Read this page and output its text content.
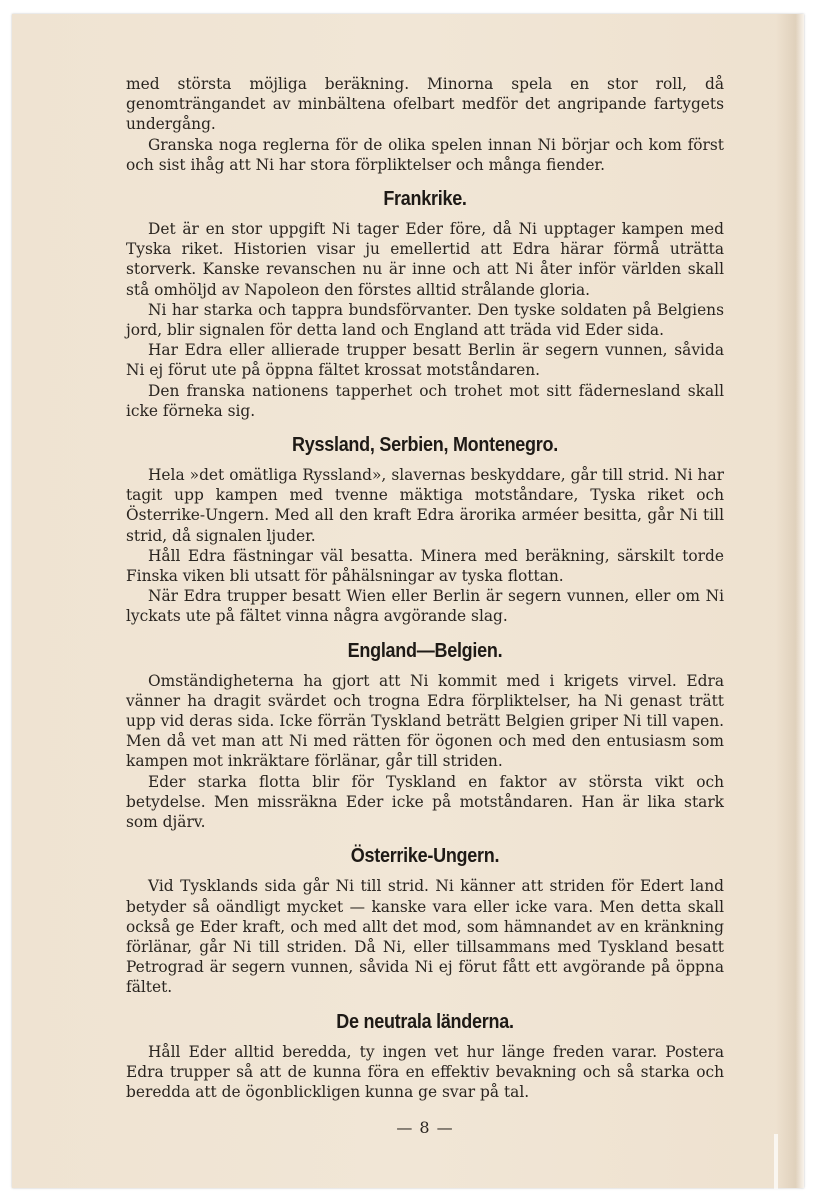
med största möjliga beräkning. Minorna spela en stor roll, då genomträngandet av minbältena ofelbart medför det angripande fartygets undergång.

Granska noga reglerna för de olika spelen innan Ni börjar och kom först och sist ihåg att Ni har stora förpliktelser och många fiender.

Frankrike.

Det är en stor uppgift Ni tager Eder före, då Ni upptager kampen med Tyska riket. Historien visar ju emellertid att Edra härar förmå uträtta storverk. Kanske revanschen nu är inne och att Ni åter inför världen skall stå omhöljd av Napoleon den förstes alltid strålande gloria.

Ni har starka och tappra bundsförvanter. Den tyske soldaten på Belgiens jord, blir signalen för detta land och England att träda vid Eder sida.

Har Edra eller allierade trupper besatt Berlin är segern vunnen, såvida Ni ej förut ute på öppna fältet krossat motståndaren.

Den franska nationens tapperhet och trohet mot sitt fädernesland skall icke förneka sig.

Ryssland, Serbien, Montenegro.

Hela »det omätliga Ryssland», slavernas beskyddare, går till strid. Ni har tagit upp kampen med tvenne mäktiga motståndare, Tyska riket och Österrike-Ungern. Med all den kraft Edra ärorika arméer besitta, går Ni till strid, då signalen ljuder.

Håll Edra fästningar väl besatta. Minera med beräkning, särskilt torde Finska viken bli utsatt för påhälsningar av tyska flottan.

När Edra trupper besatt Wien eller Berlin är segern vunnen, eller om Ni lyckats ute på fältet vinna några avgörande slag.

England—Belgien.

Omständigheterna ha gjort att Ni kommit med i krigets virvel. Edra vänner ha dragit svärdet och trogna Edra förpliktelser, ha Ni genast trätt upp vid deras sida. Icke förrän Tyskland beträtt Belgien griper Ni till vapen. Men då vet man att Ni med rätten för ögonen och med den entusiasm som kampen mot inkräktare förlänar, går till striden.

Eder starka flotta blir för Tyskland en faktor av största vikt och betydelse. Men missräkna Eder icke på motståndaren. Han är lika stark som djärv.

Österrike-Ungern.

Vid Tysklands sida går Ni till strid. Ni känner att striden för Edert land betyder så oändligt mycket — kanske vara eller icke vara. Men detta skall också ge Eder kraft, och med allt det mod, som hämnandet av en kränkning förlänar, går Ni till striden. Då Ni, eller tillsammans med Tyskland besatt Petrograd är segern vunnen, såvida Ni ej förut fått ett avgörande på öppna fältet.

De neutrala länderna.

Håll Eder alltid beredda, ty ingen vet hur länge freden varar. Postera Edra trupper så att de kunna föra en effektiv bevakning och så starka och beredda att de ögonblickligen kunna ge svar på tal.

— 8 —
